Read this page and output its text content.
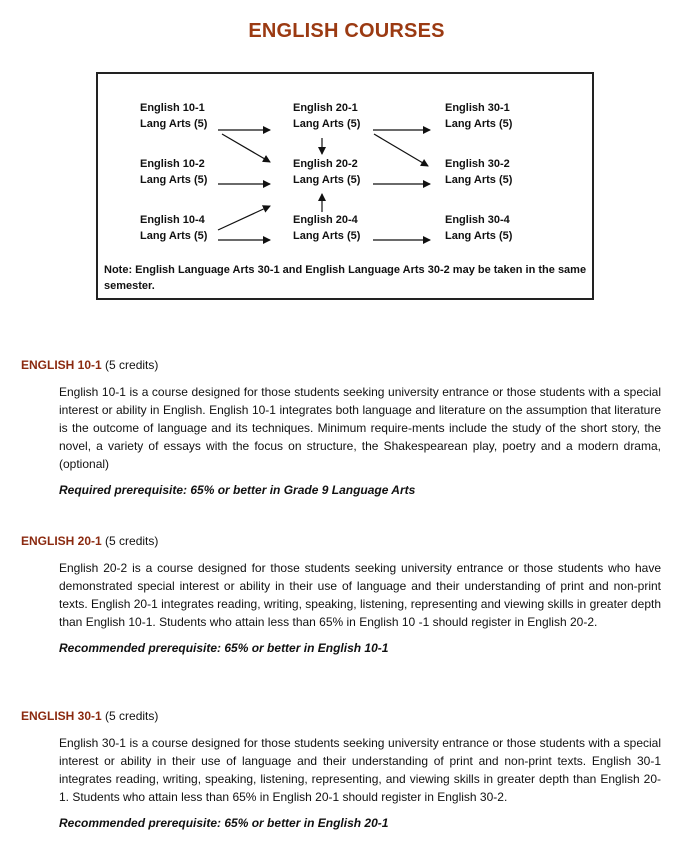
ENGLISH COURSES
English 10-1
Lang Arts (5)
English 20-1
Lang Arts (5)
English 30-1
Lang Arts (5)
English 10-2
Lang Arts (5)
English 20-2
Lang Arts (5)
English 30-2
Lang Arts (5)
English 10-4
Lang Arts (5)
English 20-4
Lang Arts (5)
English 30-4
Lang Arts (5)
Note: English Language Arts 30-1 and English Language Arts 30-2 may be taken in the same semester.
ENGLISH 10-1 (5 credits)
English 10-1 is a course designed for those students seeking university entrance or those students with a special interest or ability in English. English 10-1 integrates both language and literature on the assumption that literature is the outcome of language and its techniques. Minimum require-ments include the study of the short story, the novel, a variety of essays with the focus on structure, the Shakespearean play, poetry and a modern drama, (optional)
Required prerequisite: 65% or better in Grade 9 Language Arts
ENGLISH 20-1 (5 credits)
English 20-2 is a course designed for those students seeking university entrance or those students who have demonstrated special interest or ability in their use of language and their understanding of print and non-print texts. English 20-1 integrates reading, writing, speaking, listening, representing and viewing skills in greater depth than English 10-1. Students who attain less than 65% in English 10 -1 should register in English 20-2.
Recommended prerequisite: 65% or better in English 10-1
ENGLISH 30-1 (5 credits)
English 30-1 is a course designed for those students seeking university entrance or those students with a special interest or ability in their use of language and their understanding of print and non-print texts. English 30-1 integrates reading, writing, speaking, listening, representing, and viewing skills in greater depth than English 20-1. Students who attain less than 65% in English 20-1 should register in English 30-2.
Recommended prerequisite: 65% or better in English 20-1
